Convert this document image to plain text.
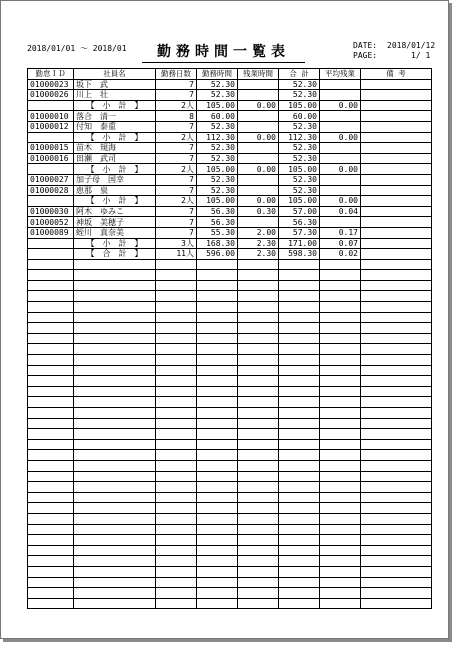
2018/01/01 ～ 2018/01	勤務時間一覧表	DATE:	2018/01/12
PAGE:	1/ 1
勤怠ＩＤ	社員名	勤務日数	勤務時間	残業時間	合 計	平均残業	備 考
01000023	坂下　武	7	52.30		52.30		
01000026	川上　壮	7	52.30		52.30		
	【　小　計　】	2人	105.00	0.00	105.00	0.00	
01000010	落合　清一	8	60.00		60.00		
01000012	付知　泰重	7	52.30		52.30		
	【　小　計　】	2人	112.30	0.00	112.30	0.00	
01000015	苗木　規海	7	52.30		52.30		
01000016	田瀬　武司	7	52.30		52.30		
	【　小　計　】	2人	105.00	0.00	105.00	0.00	
01000027	加子母　国幸	7	52.30		52.30		
01000028	恵那　泉	7	52.30		52.30		
	【　小　計　】	2人	105.00	0.00	105.00	0.00	
01000030	阿木　ゆみこ	7	56.30	0.30	57.00	0.04	
01000052	神坂　美穂子	7	56.30		56.30		
01000089	蛭川　真奈美	7	55.30	2.00	57.30	0.17	
	【　小　計　】	3人	168.30	2.30	171.00	0.07	
	【　合　計　】	11人	596.00	2.30	598.30	0.02	
